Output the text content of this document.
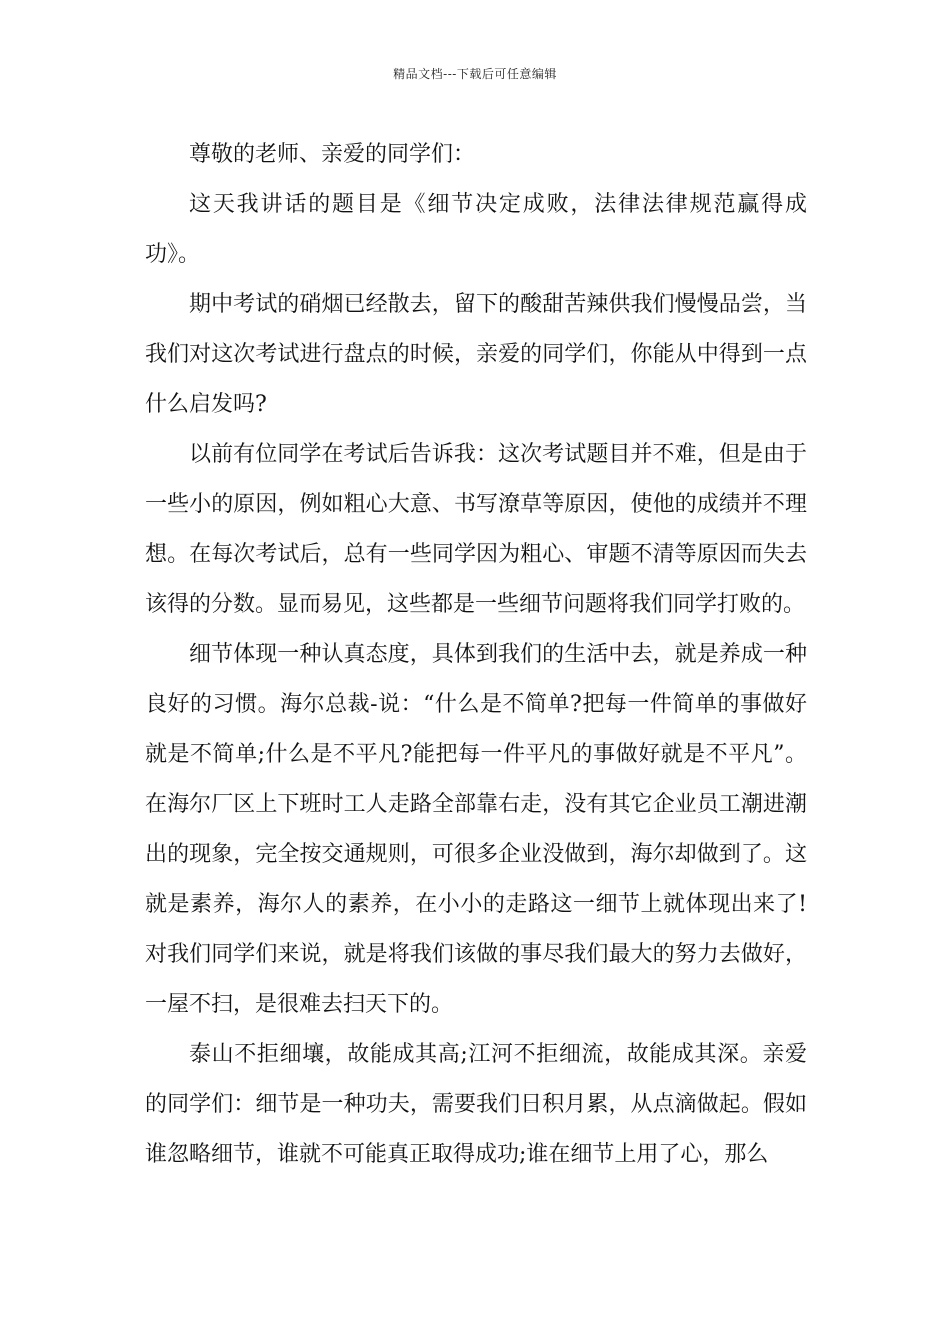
精品文档---下载后可任意编辑

尊敬的老师、亲爱的同学们：

这天我讲话的题目是《细节决定成败，法律法律规范赢得成功》。

期中考试的硝烟已经散去，留下的酸甜苦辣供我们慢慢品尝，当我们对这次考试进行盘点的时候，亲爱的同学们，你能从中得到一点什么启发吗?

以前有位同学在考试后告诉我：这次考试题目并不难，但是由于一些小的原因，例如粗心大意、书写潦草等原因，使他的成绩并不理想。在每次考试后，总有一些同学因为粗心、审题不清等原因而失去该得的分数。显而易见，这些都是一些细节问题将我们同学打败的。

细节体现一种认真态度，具体到我们的生活中去，就是养成一种良好的习惯。海尔总裁-说：“什么是不简单?把每一件简单的事做好就是不简单;什么是不平凡?能把每一件平凡的事做好就是不平凡”。在海尔厂区上下班时工人走路全部靠右走，没有其它企业员工潮进潮出的现象，完全按交通规则，可很多企业没做到，海尔却做到了。这就是素养，海尔人的素养，在小小的走路这一细节上就体现出来了!对我们同学们来说，就是将我们该做的事尽我们最大的努力去做好，一屋不扫，是很难去扫天下的。

泰山不拒细壤，故能成其高;江河不拒细流，故能成其深。亲爱的同学们：细节是一种功夫，需要我们日积月累，从点滴做起。假如谁忽略细节，谁就不可能真正取得成功;谁在细节上用了心，那么
